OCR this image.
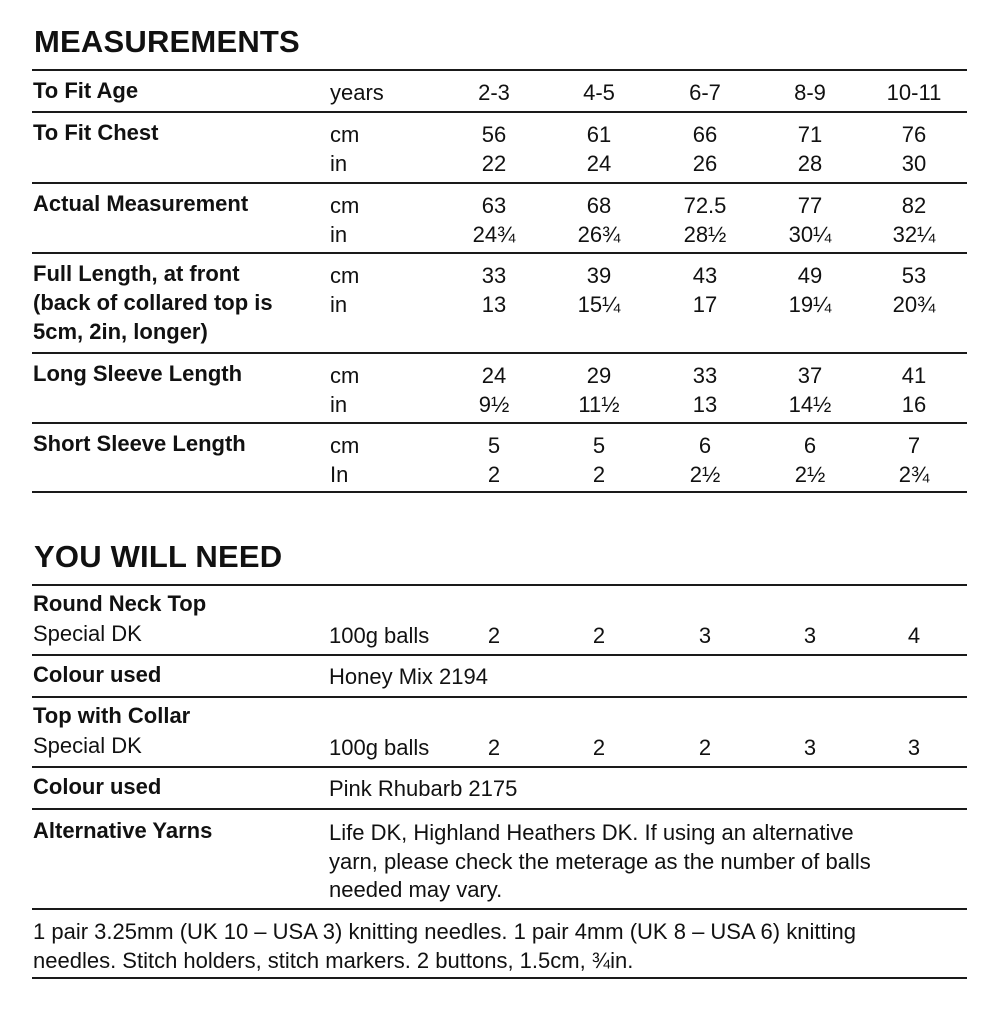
MEASUREMENTS
To Fit Age	years	2-3	4-5	6-7	8-9	10-11
To Fit Chest	cm	56	61	66	71	76
in	22	24	26	28	30
Actual Measurement	cm	63	68	72.5	77	82
in	24¾	26¾	28½	30¼	32¼
Full Length, at front	cm	33	39	43	49	53
(back of collared top is	in	13	15¼	17	19¼	20¾
5cm, 2in, longer)
Long Sleeve Length	cm	24	29	33	37	41
in	9½	11½	13	14½	16
Short Sleeve Length	cm	5	5	6	6	7
In	2	2	2½	2½	2¾
YOU WILL NEED
Round Neck Top
Special DK	100g balls	2	2	3	3	4
Colour used	Honey Mix 2194
Top with Collar
Special DK	100g balls	2	2	2	3	3
Colour used	Pink Rhubarb 2175
Alternative Yarns	Life DK, Highland Heathers DK. If using an alternative
yarn, please check the meterage as the number of balls
needed may vary.
1 pair 3.25mm (UK 10 – USA 3) knitting needles. 1 pair 4mm (UK 8 – USA 6) knitting
needles. Stitch holders, stitch markers. 2 buttons, 1.5cm, ¾in.
